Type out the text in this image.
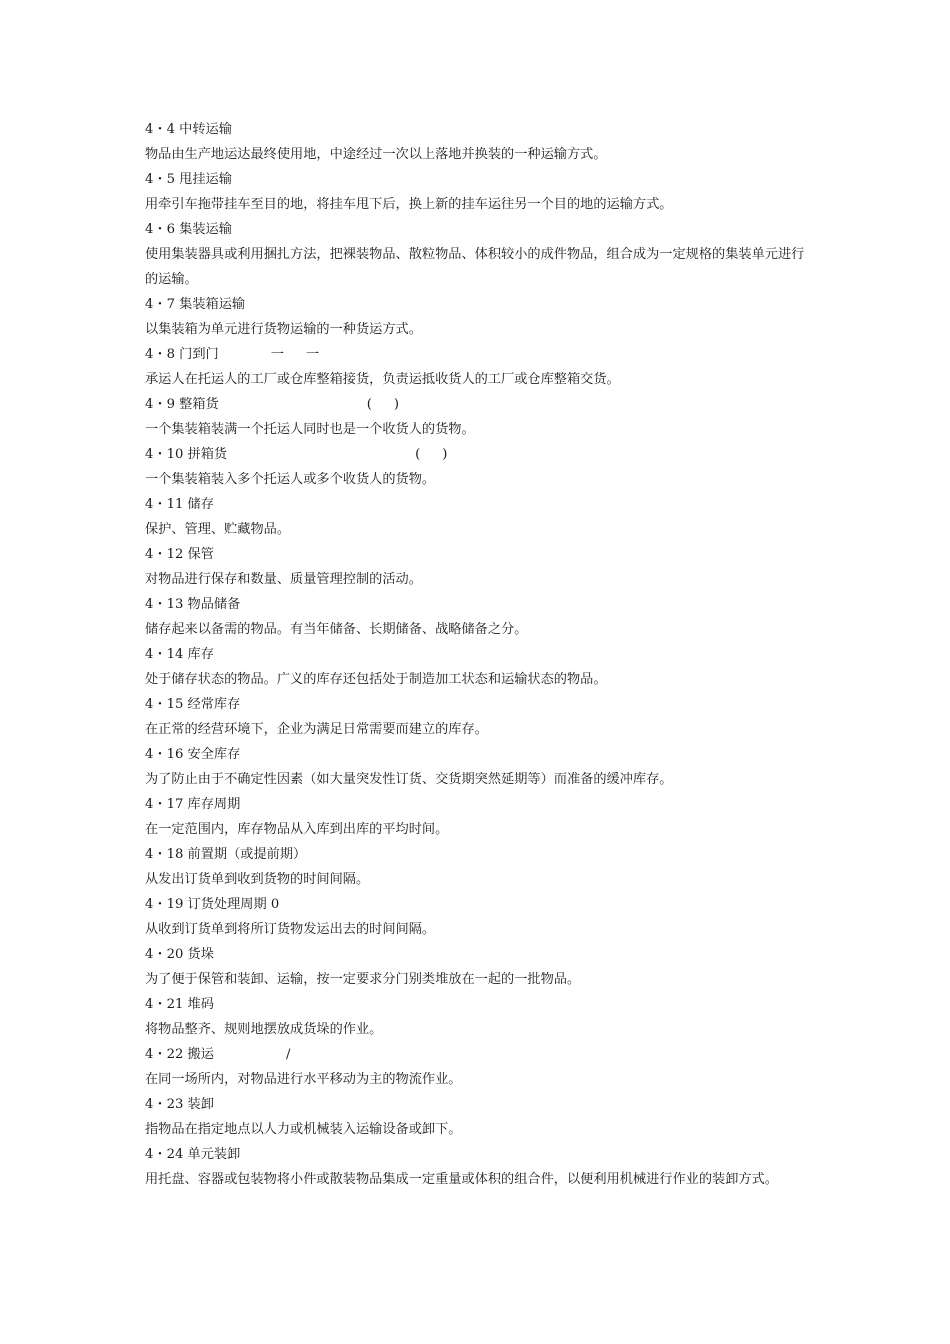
4・4 中转运输
物品由生产地运达最终使用地，中途经过一次以上落地并换装的一种运输方式。
4・5 甩挂运输
用牵引车拖带挂车至目的地，将挂车甩下后，换上新的挂车运往另一个目的地的运输方式。
4・6 集装运输
使用集装器具或利用捆扎方法，把裸装物品、散粒物品、体积较小的成件物品，组合成为一定规格的集装单元进行的运输。
4・7 集装箱运输
以集装箱为单元进行货物运输的一种货运方式。
4・8 门到门	一 一
承运人在托运人的工厂或仓库整箱接货，负责运抵收货人的工厂或仓库整箱交货。
4・9 整箱货	( )
一个集装箱装满一个托运人同时也是一个收货人的货物。
4・10 拼箱货	( )
一个集装箱装入多个托运人或多个收货人的货物。
4・11 储存
保护、管理、贮藏物品。
4・12 保管
对物品进行保存和数量、质量管理控制的活动。
4・13 物品储备
储存起来以备需的物品。有当年储备、长期储备、战略储备之分。
4・14 库存
处于储存状态的物品。广义的库存还包括处于制造加工状态和运输状态的物品。
4・15 经常库存
在正常的经营环境下，企业为满足日常需要而建立的库存。
4・16 安全库存
为了防止由于不确定性因素（如大量突发性订货、交货期突然延期等）而准备的缓冲库存。
4・17 库存周期
在一定范围内，库存物品从入库到出库的平均时间。
4・18 前置期（或提前期）
从发出订货单到收到货物的时间间隔。
4・19 订货处理周期 0
从收到订货单到将所订货物发运出去的时间间隔。
4・20 货垛
为了便于保管和装卸、运输，按一定要求分门别类堆放在一起的一批物品。
4・21 堆码
将物品整齐、规则地摆放成货垛的作业。
4・22 搬运	/
在同一场所内，对物品进行水平移动为主的物流作业。
4・23 装卸
指物品在指定地点以人力或机械装入运输设备或卸下。
4・24 单元装卸
用托盘、容器或包装物将小件或散装物品集成一定重量或体积的组合件，以便利用机械进行作业的装卸方式。
